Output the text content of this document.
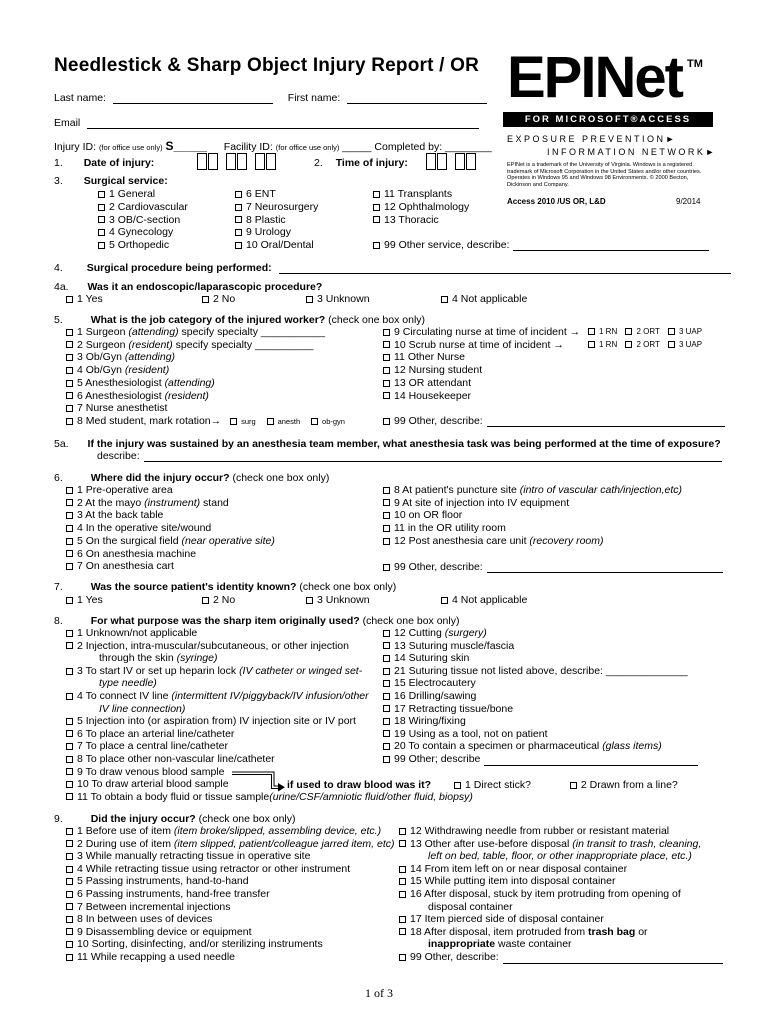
Needlestick & Sharp Object Injury Report / OR EPINet TM
FOR MICROSOFT®ACCESS
EXPOSURE PREVENTION►
INFORMATION NETWORK►
EPINet is a trademark of the University of Virginia. Windows is a registered trademark of Microsoft Corporation in the United States and/or other countries. Operates in Windows 95 and Windows 98 Environments. © 2000 Becton, Dickinson and Company.
Access 2010 /US OR, L&D	9/2014
Last name:	First name:
Email
Injury ID: (for office use only) S_____ Facility ID: (for office use only) _____ Completed by: ________
1. Date of injury:	2. Time of injury:
3. Surgical service:
1 General
2 Cardiovascular
3 OB/C-section
4 Gynecology
5 Orthopedic
6 ENT
7 Neurosurgery
8 Plastic
9 Urology
10 Oral/Dental
11 Transplants
12 Ophthalmology
13 Thoracic
99 Other service, describe:
4. Surgical procedure being performed:
4a. Was it an endoscopic/laparascopic procedure?
1 Yes	2 No	3 Unknown	4 Not applicable
5.	What is the job category of the injured worker? (check one box only)
1 Surgeon (attending) specify specialty ___________
2 Surgeon (resident) specify specialty __________
3 Ob/Gyn (attending)
4 Ob/Gyn (resident)
5 Anesthesiologist (attending)
6 Anesthesiologist (resident)
7 Nurse anesthetist
8 Med student, mark rotation→	surg	anesth	ob-gyn
9 Circulating nurse at time of incident →
10 Scrub nurse at time of incident →
11 Other Nurse
12 Nursing student
13 OR attendant
14 Housekeeper
1 RN 2 ORT 3 UAP
1 RN 2 ORT 3 UAP
99 Other, describe:
5a. If the injury was sustained by an anesthesia team member, what anesthesia task was being performed at the time of exposure?
describe:
6.	Where did the injury occur? (check one box only)
1 Pre-operative area
2 At the mayo (instrument) stand
3 At the back table
4 In the operative site/wound
5 On the surgical field (near operative site)
6 On anesthesia machine
7 On anesthesia cart
8 At patient's puncture site (intro of vascular cath/injection,etc)
9 At site of injection into IV equipment
10 on OR floor
11 in the OR utility room
12 Post anesthesia care unit (recovery room)
99 Other, describe:
7.	Was the source patient's identity known? (check one box only)
1 Yes	2 No	3 Unknown	4 Not applicable
8.	For what purpose was the sharp item originally used? (check one box only)
1 Unknown/not applicable
2 Injection, intra-muscular/subcutaneous, or other injection
through the skin (syringe)
3 To start IV or set up heparin lock (IV catheter or winged set-
type needle)
4 To connect IV line (intermittent IV/piggyback/IV infusion/other
IV line connection)
5 Injection into (or aspiration from) IV injection site or IV port
6 To place an arterial line/catheter
7 To place a central line/catheter
8 To place other non-vascular line/catheter
9 To draw venous blood sample
10 To draw arterial blood sample
11 To obtain a body fluid or tissue sample(urine/CSF/amniotic fluid/other fluid, biopsy)
if used to draw blood was it?	1 Direct stick?	2 Drawn from a line?
12 Cutting (surgery)
13 Suturing muscle/fascia
14 Suturing skin
21 Suturing tissue not listed above, describe: ______________
15 Electrocautery
16 Drilling/sawing
17 Retracting tissue/bone
18 Wiring/fixing
19 Using as a tool, not on patient
20 To contain a specimen or pharmaceutical (glass items)
99 Other; describe
9.	Did the injury occur? (check one box only)
1 Before use of item (item broke/slipped, assembling device, etc.)
2 During use of item (item slipped, patient/colleague jarred item, etc)
3 While manually retracting tissue in operative site
4 While retracting tissue using retractor or other instrument
5 Passing instruments, hand-to-hand
6 Passing instruments, hand-free transfer
7 Between incremental injections
8 In between uses of devices
9 Disassembling device or equipment
10 Sorting, disinfecting, and/or sterilizing instruments
11 While recapping a used needle
12 Withdrawing needle from rubber or resistant material
13 Other after use-before disposal (in transit to trash, cleaning,
left on bed, table, floor, or other inappropriate place, etc.)
14 From item left on or near disposal container
15 While putting item into disposal container
16 After disposal, stuck by item protruding from opening of
disposal container
17 Item pierced side of disposal container
18 After disposal, item protruded from trash bag or
inappropriate waste container
99 Other, describe:
1 of 3
